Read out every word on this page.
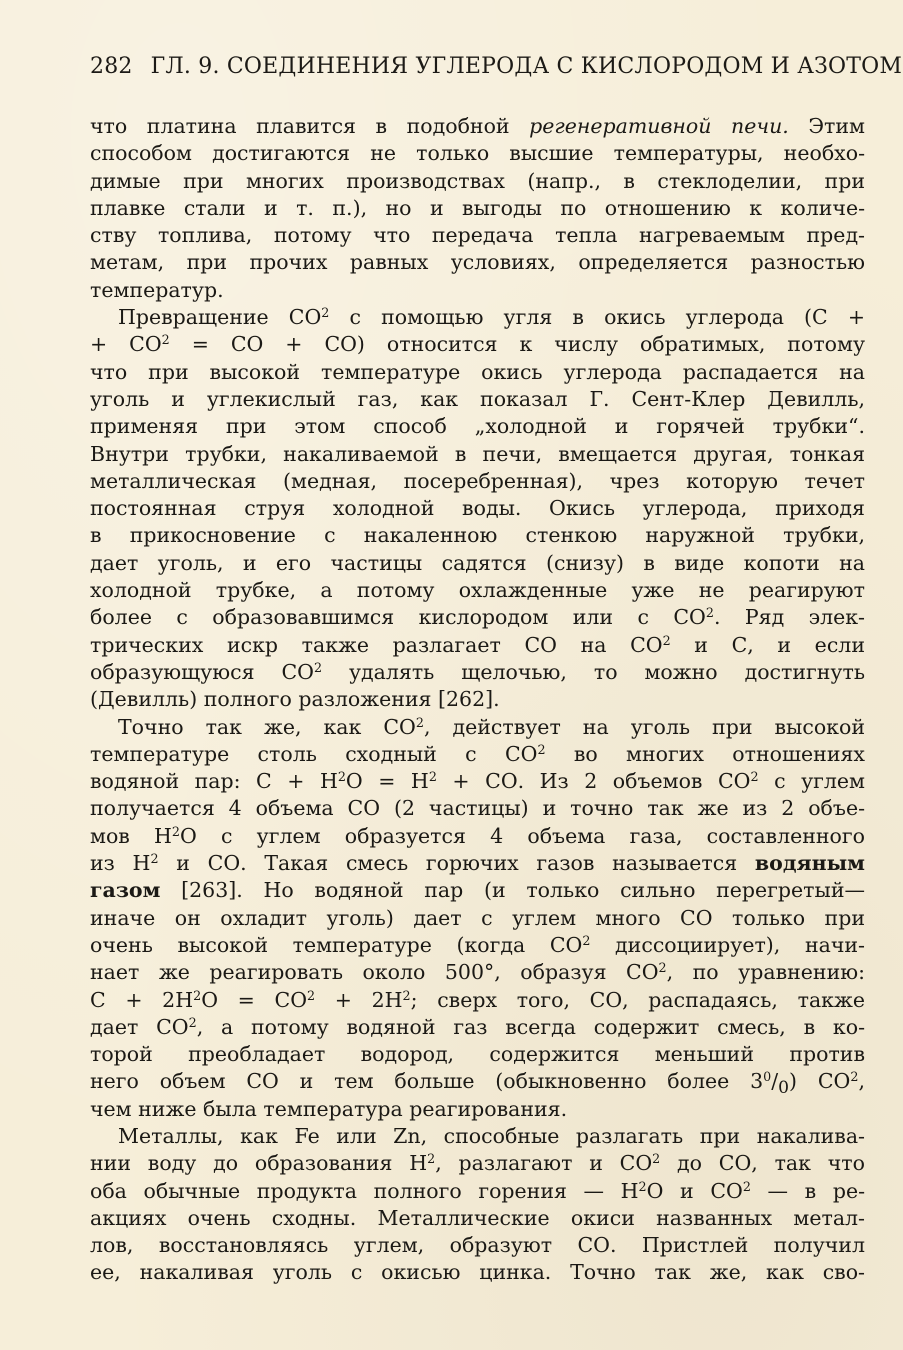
282 ГЛ. 9. СОЕДИНЕНИЯ УГЛЕРОДА С КИСЛОРОДОМ И АЗОТОМ

что платина плавится в подобной регенеративной печи. Этим

способом достигаются не только высшие температуры, необхо-

димые при многих производствах (напр., в стеклоделии, при

плавке стали и т. п.), но и выгоды по отношению к количе-

ству топлива, потому что передача тепла нагреваемым пред-

метам, при прочих равных условиях, определяется разностью

температур.

Превращение $СО^2$ с помощью угля в окись углерода (С +

+ $СО^2$ = СО + СО) относится к числу обратимых, потому

что при высокой температуре окись углерода распадается на

уголь и углекислый газ, как показал Г. Сент-Клер Девилль,

применяя при этом способ „холодной и горячей трубки“.

Внутри трубки, накаливаемой в печи, вмещается другая, тонкая

металлическая (медная, посеребренная), чрез которую течет

постоянная струя холодной воды. Окись углерода, приходя

в прикосновение с накаленною стенкою наружной трубки,

дает уголь, и его частицы садятся (снизу) в виде копоти на

холодной трубке, а потому охлажденные уже не реагируют

более с образовавшимся кислородом или с $СО^2$. Ряд элек-

трических искр также разлагает СО на $СО^2$ и С, и если

образующуюся $СО^2$ удалять щелочью, то можно достигнуть

(Девилль) полного разложения [262].

Точно так же, как $СО^2$, действует на уголь при высокой

температуре столь сходный с $СО^2$ во многих отношениях

водяной пар: $С + Н^2О = Н^2$ + СО. Из 2 объемов $СО^2$ с углем

получается 4 объема СО (2 частицы) и точно так же из 2 объе-

мов $Н^2О$ с углем образуется 4 объема газа, составленного

из $Н^2$ и СО. Такая смесь горючих газов называется водяным

газом [263]. Но водяной пар (и только сильно перегретый—

иначе он охладит уголь) дает с углем много СО только при

очень высокой температуре (когда $СО^2$ диссоциирует), начи-

нает же реагировать около 500°, образуя $СО^2$, по уравнению:

$С + 2Н^2О = СО^2 + 2Н^2$; сверх того, СО, распадаясь, также

дает $СО^2$, а потому водяной газ всегда содержит смесь, в ко-

торой преобладает водород, содержится меньший против

него объем СО и тем больше (обыкновенно более $3^0/_0$) $СО^2$,

чем ниже была температура реагирования.

Металлы, как Fe или Zn, способные разлагать при накалива-

нии воду до образования $Н^2$, разлагают и $СО^2$ до СО, так что

оба обычные продукта полного горения — $Н^2О$ и $СО^2$ — в ре-

акциях очень сходны. Металлические окиси названных метал-

лов, восстановляясь углем, образуют СО. Пристлей получил

ее, накаливая уголь с окисью цинка. Точно так же, как сво-
